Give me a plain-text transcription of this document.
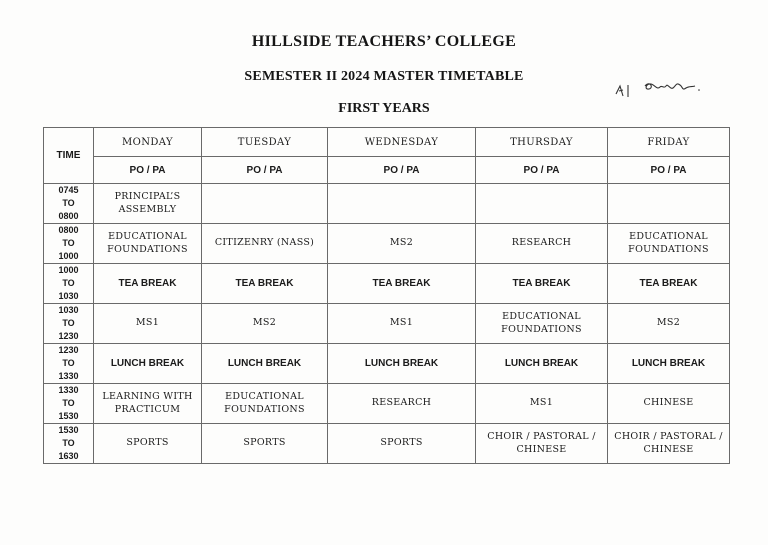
HILLSIDE TEACHERS’ COLLEGE
SEMESTER II 2024 MASTER TIMETABLE
FIRST YEARS
TIME	MONDAY	TUESDAY	WEDNESDAY	THURSDAY	FRIDAY
	PO / PA	PO / PA	PO / PA	PO / PA	PO / PA

0745
TO
0800	PRINCIPAL’S ASSEMBLY				

0800
TO
1000	EDUCATIONAL FOUNDATIONS	CITIZENRY (NASS)	MS2	RESEARCH	EDUCATIONAL FOUNDATIONS

1000
TO
1030	TEA BREAK	TEA BREAK	TEA BREAK	TEA BREAK	TEA BREAK

1030
TO
1230	MS1	MS2	MS1	EDUCATIONAL FOUNDATIONS	MS2

1230
TO
1330	LUNCH BREAK	LUNCH BREAK	LUNCH BREAK	LUNCH BREAK	LUNCH BREAK

1330
TO
1530	LEARNING WITH PRACTICUM	EDUCATIONAL FOUNDATIONS	RESEARCH	MS1	CHINESE

1530
TO
1630	SPORTS	SPORTS	SPORTS	CHOIR / PASTORAL / CHINESE	CHOIR / PASTORAL / CHINESE
